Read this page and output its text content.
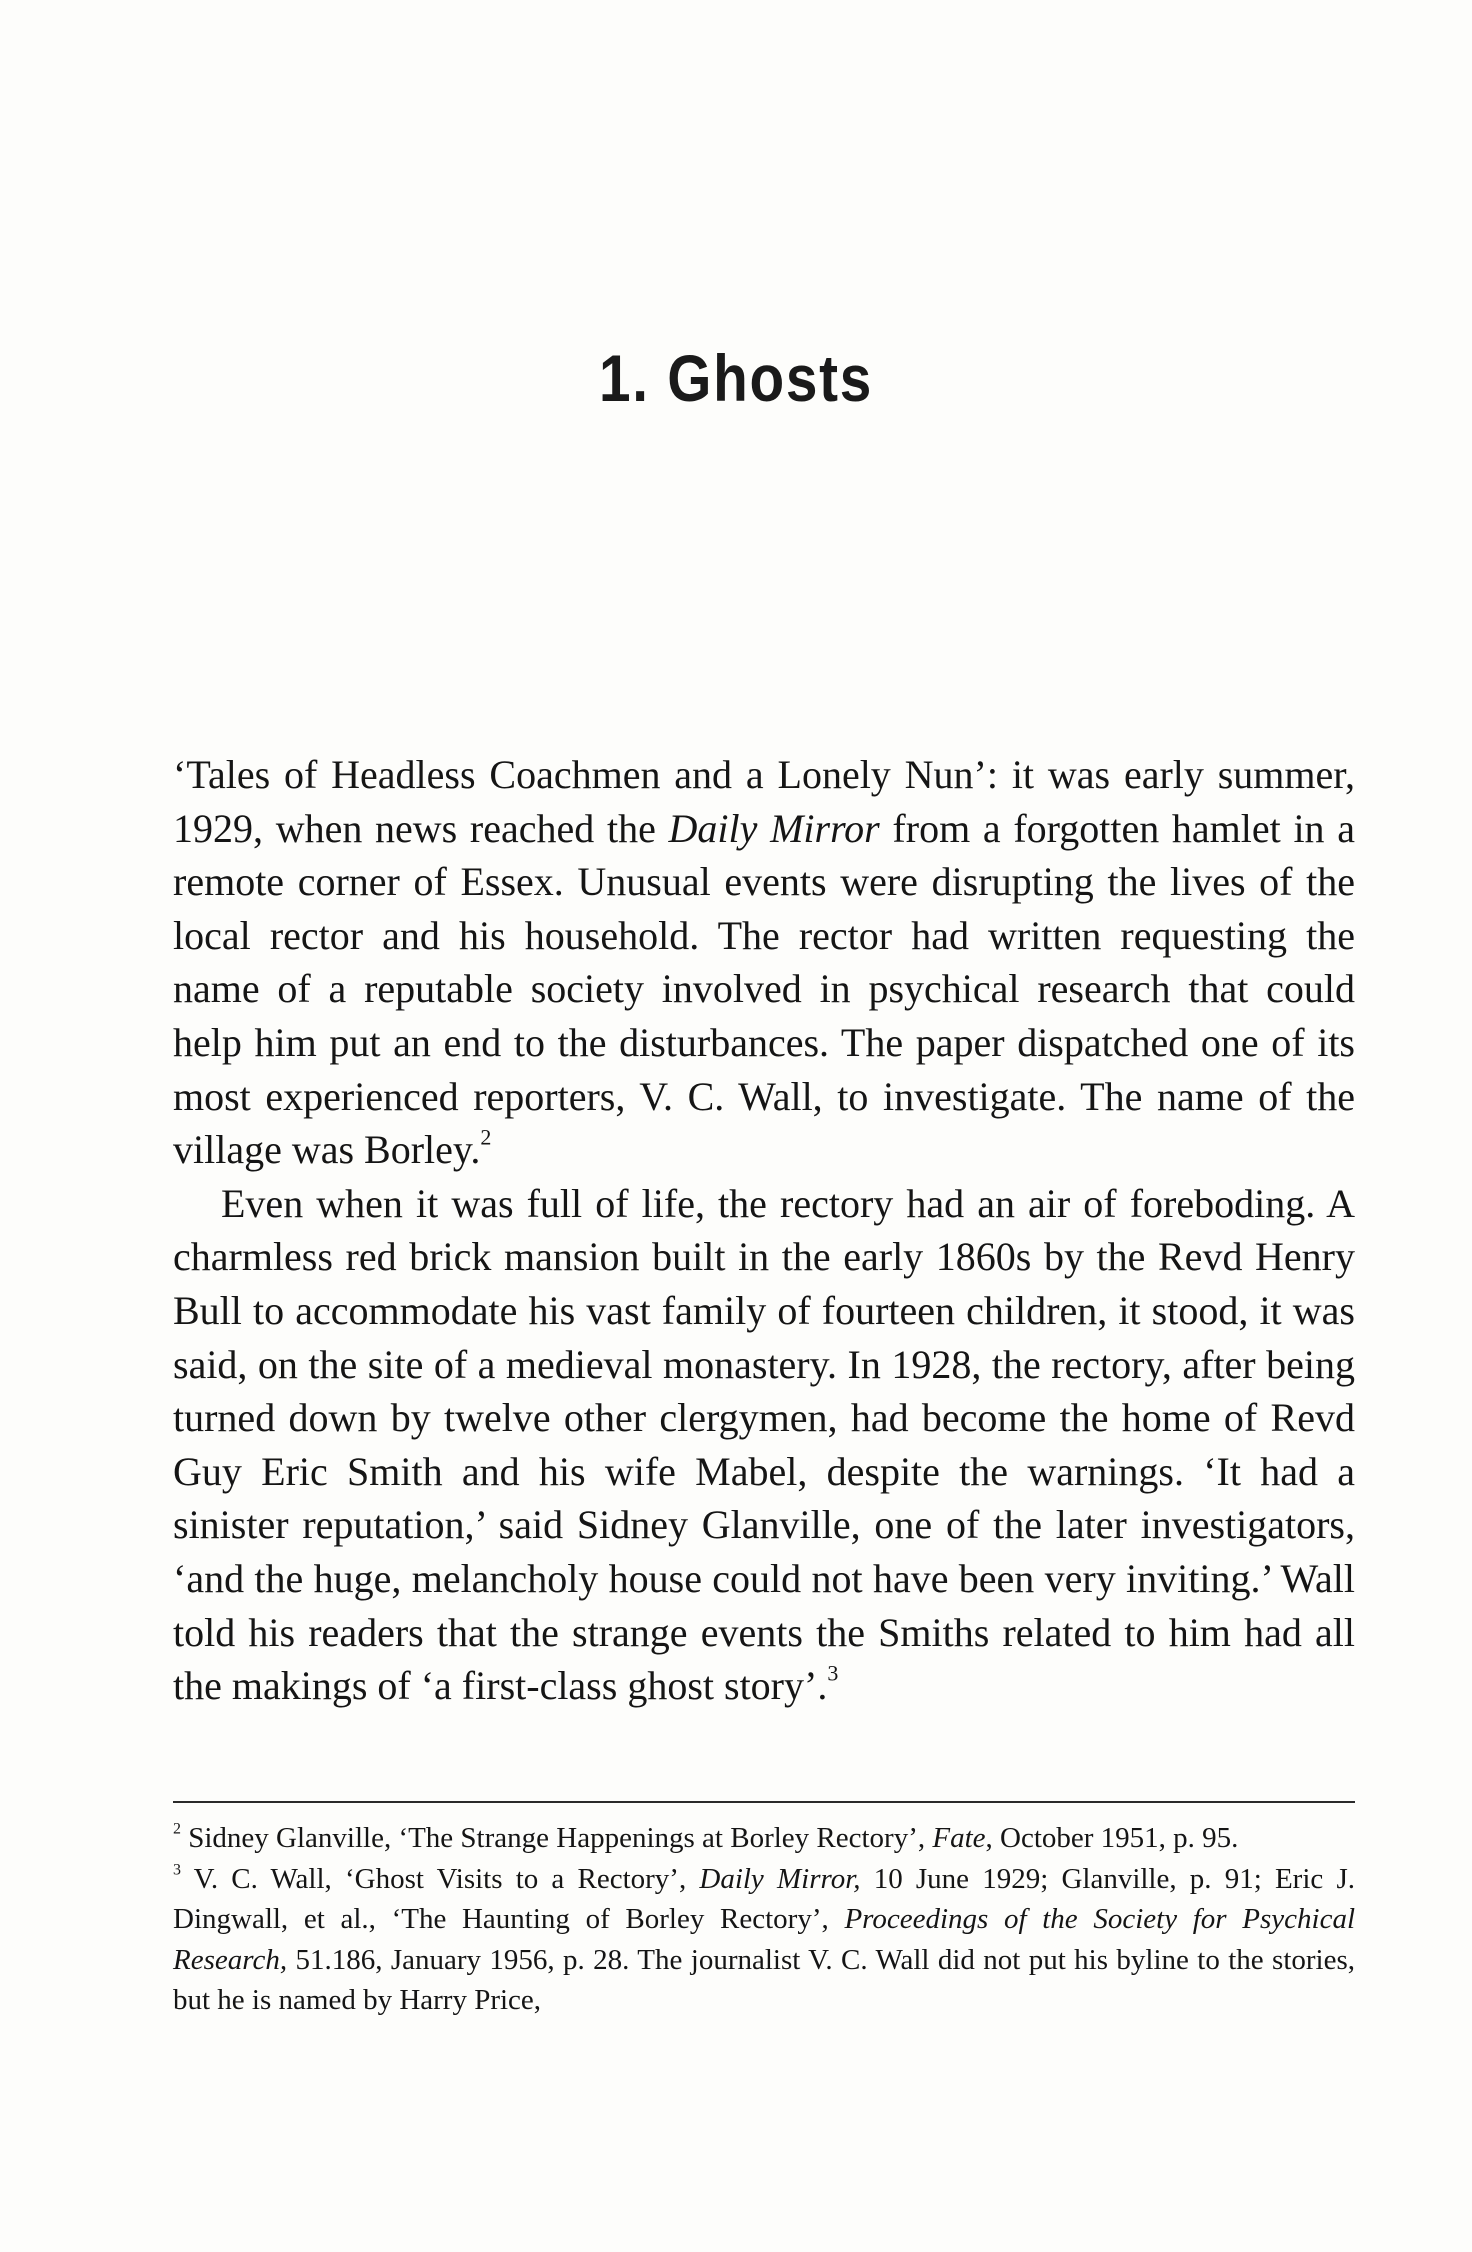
1. Ghosts

‘Tales of Headless Coachmen and a Lonely Nun’: it was early summer, 1929, when news reached the Daily Mirror from a forgotten hamlet in a remote corner of Essex. Unusual events were disrupting the lives of the local rector and his household. The rector had written requesting the name of a reputable society involved in psychical research that could help him put an end to the disturbances. The paper dispatched one of its most experienced reporters, V. C. Wall, to investigate. The name of the village was Borley.$^2$

Even when it was full of life, the rectory had an air of foreboding. A charmless red brick mansion built in the early 1860s by the Revd Henry Bull to accommodate his vast family of fourteen children, it stood, it was said, on the site of a medieval monastery. In 1928, the rectory, after being turned down by twelve other clergymen, had become the home of Revd Guy Eric Smith and his wife Mabel, despite the warnings. ‘It had a sinister reputation,’ said Sidney Glanville, one of the later investigators, ‘and the huge, melancholy house could not have been very inviting.’ Wall told his readers that the strange events the Smiths related to him had all the makings of ‘a first-class ghost story’.$^3$

$^2$ Sidney Glanville, ‘The Strange Happenings at Borley Rectory’, Fate, October 1951, p. 95.

$^3$ V. C. Wall, ‘Ghost Visits to a Rectory’, Daily Mirror, 10 June 1929; Glanville, p. 91; Eric J. Dingwall, et al., ‘The Haunting of Borley Rectory’, Proceedings of the Society for Psychical Research, 51.186, January 1956, p. 28. The journalist V. C. Wall did not put his byline to the stories, but he is named by Harry Price,
